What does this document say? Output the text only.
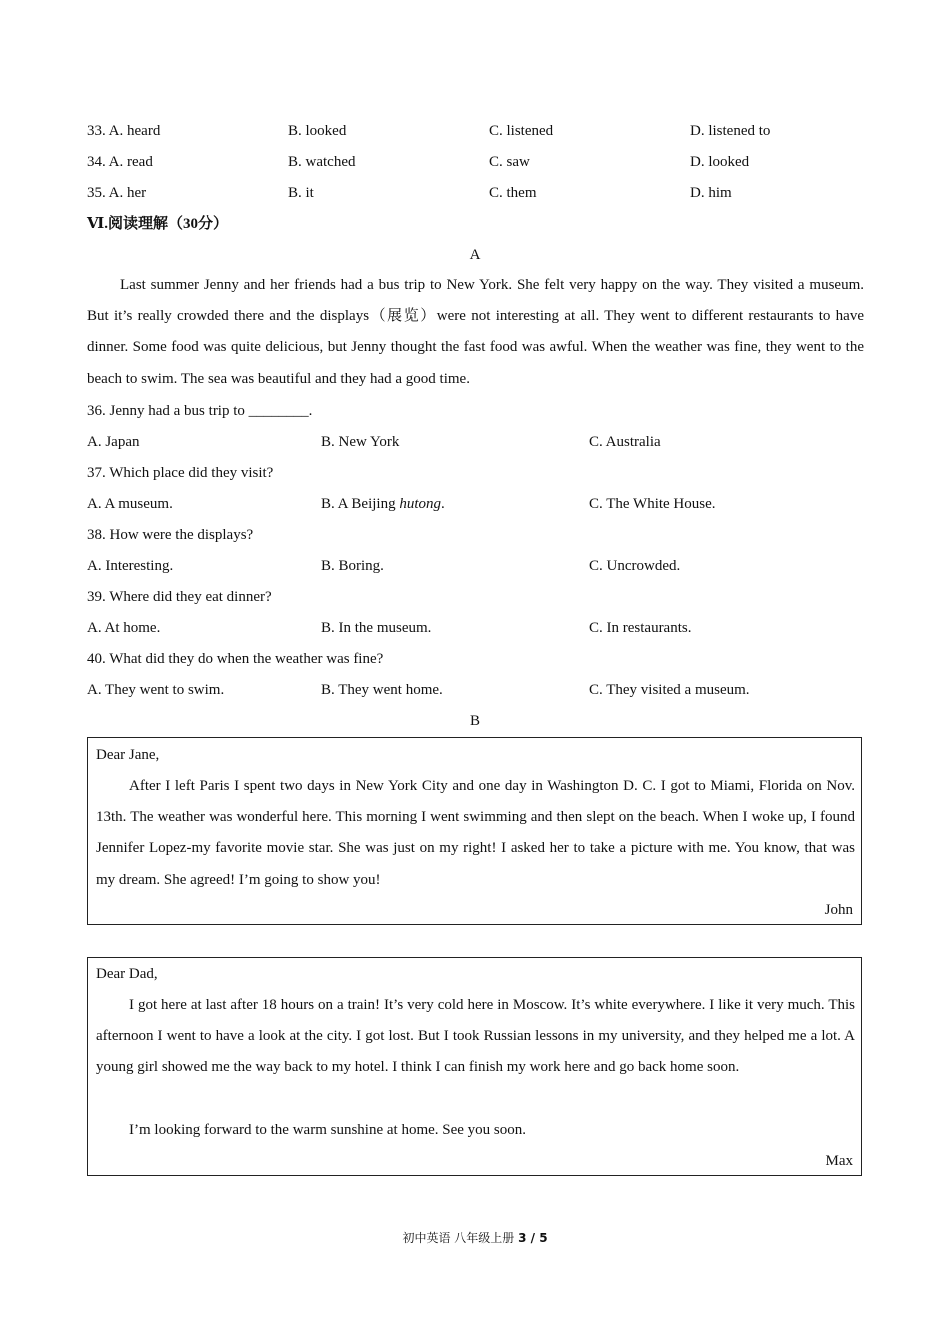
33. A. heard	B. looked	C. listened	D. listened to
34. A. read	B. watched	C. saw	D. looked
35. A. her	B. it	C. them	D. him
Ⅵ.阅读理解（30分）
A
Last summer Jenny and her friends had a bus trip to New York. She felt very happy on the way. They visited a museum. But it’s really crowded there and the displays（展览）were not interesting at all. They went to different restaurants to have dinner. Some food was quite delicious, but Jenny thought the fast food was awful. When the weather was fine, they went to the beach to swim. The sea was beautiful and they had a good time.
36. Jenny had a bus trip to ________.
A. Japan	B. New York	C. Australia
37. Which place did they visit?
A. A museum.	B. A Beijing hutong.	C. The White House.
38. How were the displays?
A. Interesting.	B. Boring.	C. Uncrowded.
39. Where did they eat dinner?
A. At home.	B. In the museum.	C. In restaurants.
40. What did they do when the weather was fine?
A. They went to swim.	B. They went home.	C. They visited a museum.
B
Dear Jane,
After I left Paris I spent two days in New York City and one day in Washington D. C. I got to Miami, Florida on Nov. 13th. The weather was wonderful here. This morning I went swimming and then slept on the beach. When I woke up, I found Jennifer Lopez-my favorite movie star. She was just on my right! I asked her to take a picture with me. You know, that was my dream. She agreed! I’m going to show you!
John
Dear Dad,
I got here at last after 18 hours on a train! It’s very cold here in Moscow. It’s white everywhere. I like it very much. This afternoon I went to have a look at the city. I got lost. But I took Russian lessons in my university, and they helped me a lot. A young girl showed me the way back to my hotel. I think I can finish my work here and go back home soon.
I’m looking forward to the warm sunshine at home. See you soon.
Max
初中英语 八年级上册 3 / 5
